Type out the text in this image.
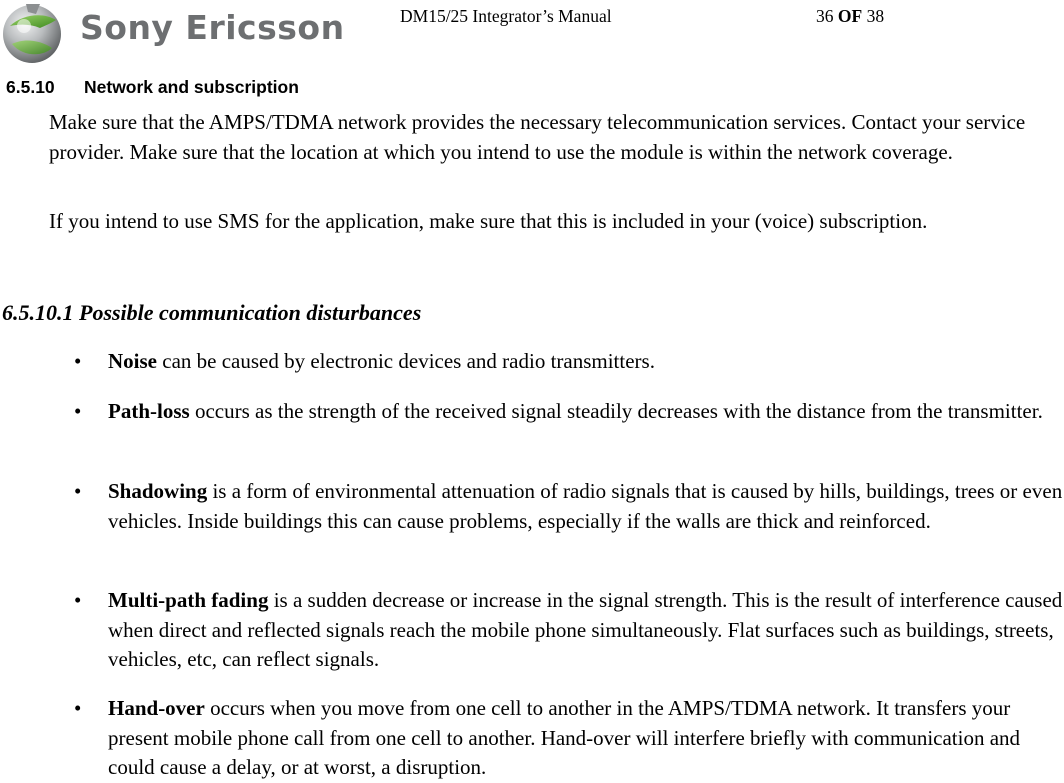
Sony Ericsson	DM15/25 Integrator’s Manual	36 OF 38
6.5.10 Network and subscription

Make sure that the AMPS/TDMA network provides the necessary telecommunication services. Contact your service provider. Make sure that the location at which you intend to use the module is within the network coverage.

If you intend to use SMS for the application, make sure that this is included in your (voice) subscription.

6.5.10.1 Possible communication disturbances
• Noise can be caused by electronic devices and radio transmitters.
• Path-loss occurs as the strength of the received signal steadily decreases with the distance from the transmitter.
• Shadowing is a form of environmental attenuation of radio signals that is caused by hills, buildings, trees or even vehicles. Inside buildings this can cause problems, especially if the walls are thick and reinforced.
• Multi-path fading is a sudden decrease or increase in the signal strength. This is the result of interference caused when direct and reflected signals reach the mobile phone simultaneously. Flat surfaces such as buildings, streets, vehicles, etc, can reflect signals.
• Hand-over occurs when you move from one cell to another in the AMPS/TDMA network. It transfers your present mobile phone call from one cell to another. Hand-over will interfere briefly with communication and could cause a delay, or at worst, a disruption.
